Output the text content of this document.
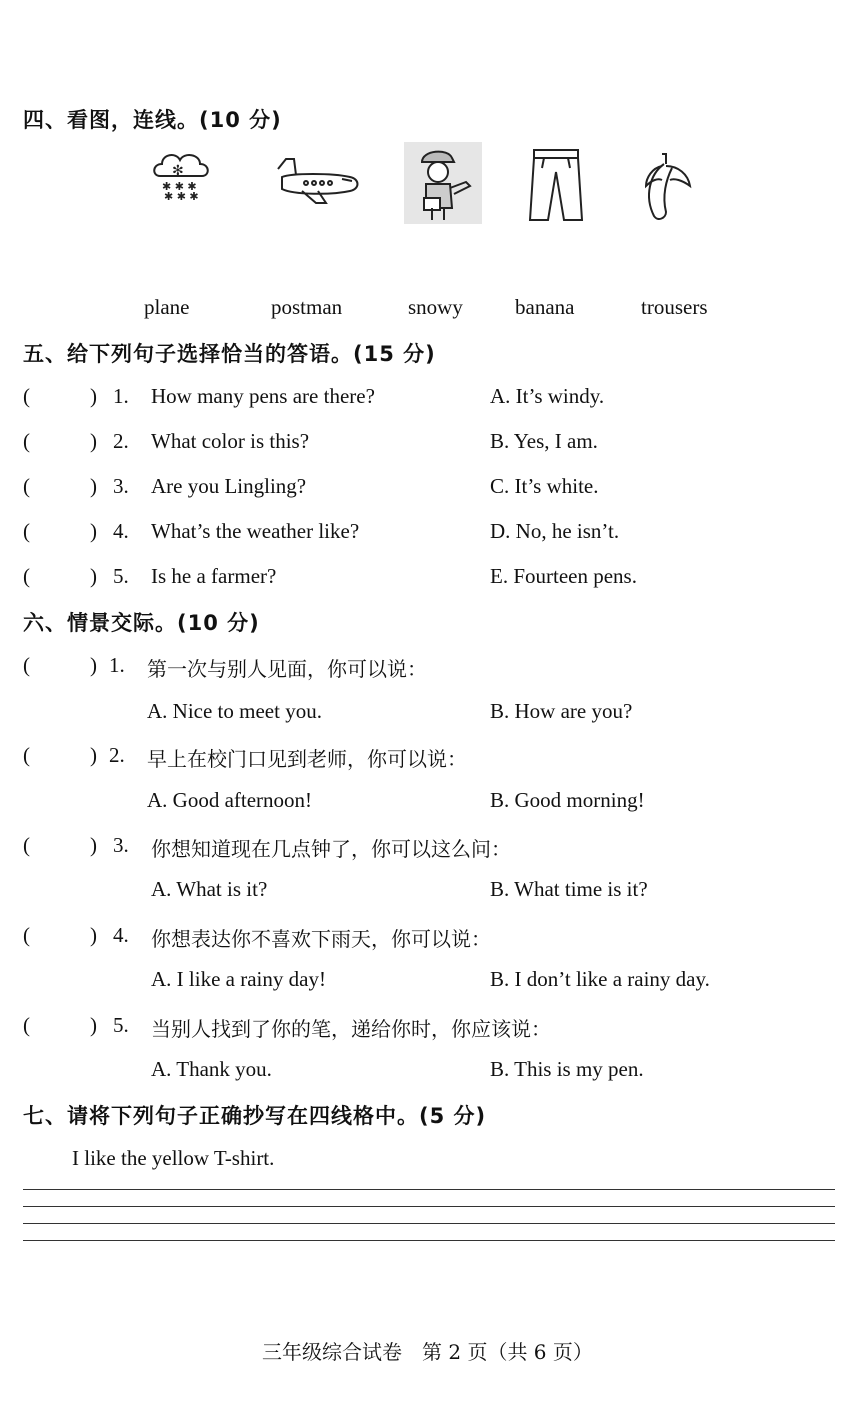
四、看图，连线。(10 分)
✻
✱ ✱ ✱
✱ ✱ ✱
plane	postman	snowy banana	trousers
五、给下列句子选择恰当的答语。(15 分)
(	) 1. How many pens are there?	A. It’s windy.
(	) 2. What color is this?	B. Yes, I am.
(	) 3. Are you Lingling?	C. It’s white.
(	) 4. What’s the weather like?	D. No, he isn’t.
(	) 5. Is he a farmer?	E. Fourteen pens.
六、情景交际。(10 分)
(	) 1. 第一次与别人见面，你可以说：
A. Nice to meet you.	B. How are you?
(	) 2. 早上在校门口见到老师，你可以说：
A. Good afternoon!	B. Good morning!
(	) 3. 你想知道现在几点钟了，你可以这么问：
A. What is it?	B. What time is it?
(	) 4. 你想表达你不喜欢下雨天，你可以说：
A. I like a rainy day!	B. I don’t like a rainy day.
(	) 5. 当别人找到了你的笔，递给你时，你应该说：
A. Thank you.	B. This is my pen.
七、请将下列句子正确抄写在四线格中。(5 分)
I like the yellow T-shirt.
三年级综合试卷　第 2 页（共 6 页）
